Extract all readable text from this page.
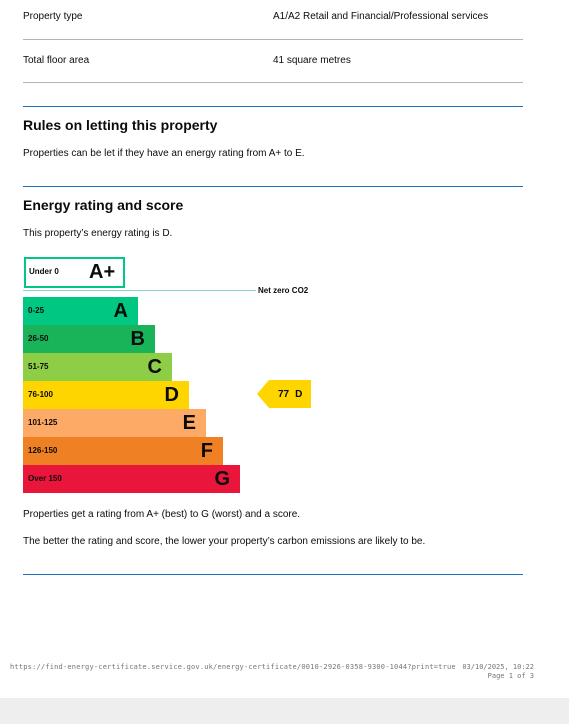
Property type	A1/A2 Retail and Financial/Professional services
Total floor area	41 square metres
Rules on letting this property
Properties can be let if they have an energy rating from A+ to E.
Energy rating and score
This property’s energy rating is D.
Under 0 A+
Net zero CO2
0-25	A
26-50	B
51-75	C
76-100	D
101-125	E
126-150	F
Over 150	G
77 D
Properties get a rating from A+ (best) to G (worst) and a score.
The better the rating and score, the lower your property’s carbon emissions are likely to be.
https://find-energy-certificate.service.gov.uk/energy-certificate/0010-2926-0358-9300-1044?print=true 03/10/2025, 10:22
Page 1 of 3
